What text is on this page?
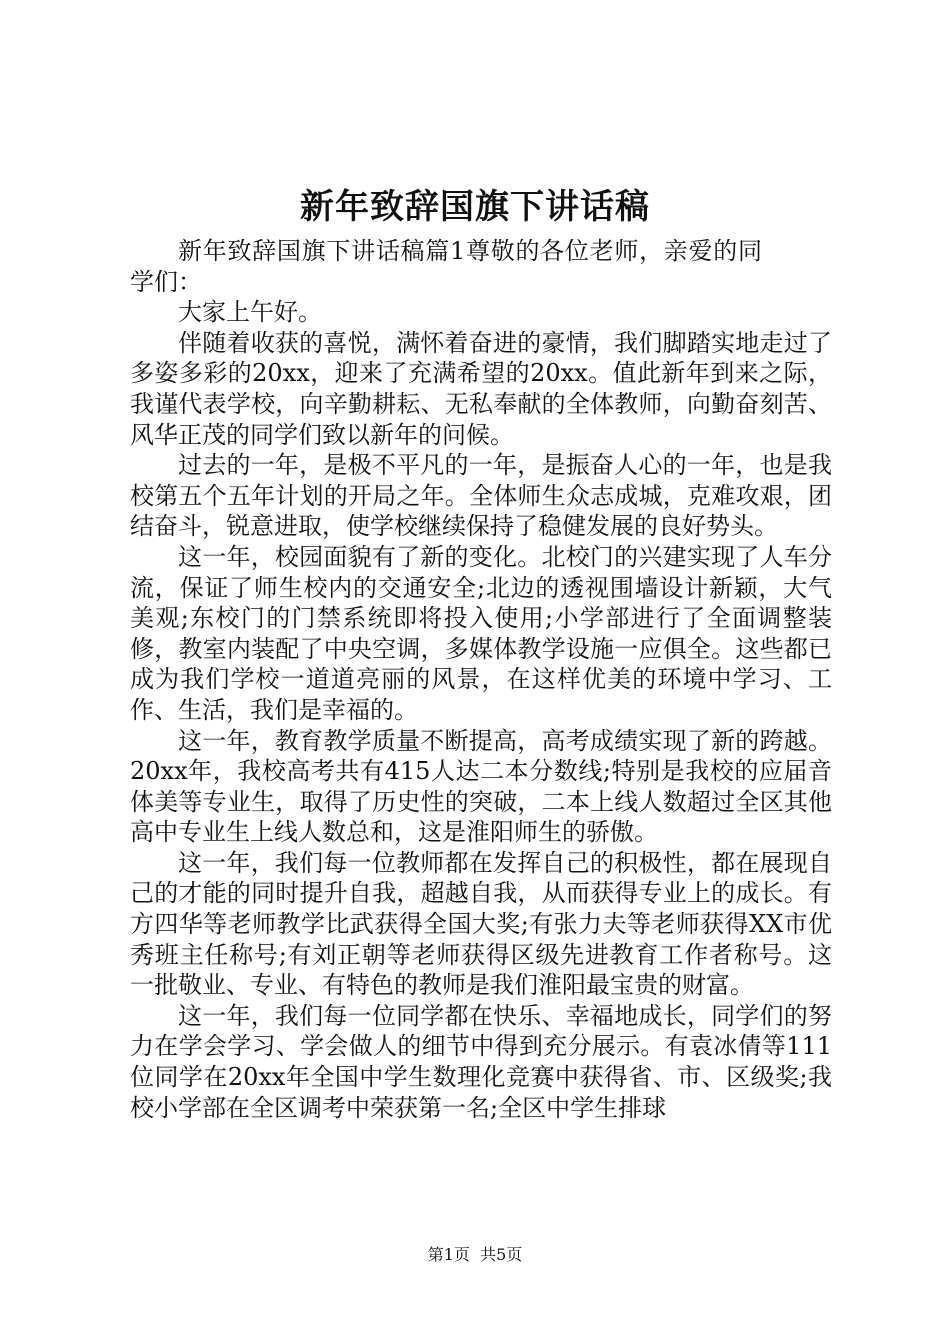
新年致辞国旗下讲话稿

新年致辞国旗下讲话稿篇1尊敬的各位老师，亲爱的同学们：

大家上午好。

伴随着收获的喜悦，满怀着奋进的豪情，我们脚踏实地走过了多姿多彩的20xx，迎来了充满希望的20xx。值此新年到来之际，我谨代表学校，向辛勤耕耘、无私奉献的全体教师，向勤奋刻苦、风华正茂的同学们致以新年的问候。

过去的一年，是极不平凡的一年，是振奋人心的一年，也是我校第五个五年计划的开局之年。全体师生众志成城，克难攻艰，团结奋斗，锐意进取，使学校继续保持了稳健发展的良好势头。

这一年，校园面貌有了新的变化。北校门的兴建实现了人车分流，保证了师生校内的交通安全;北边的透视围墙设计新颖，大气美观;东校门的门禁系统即将投入使用;小学部进行了全面调整装修，教室内装配了中央空调，多媒体教学设施一应俱全。这些都已成为我们学校一道道亮丽的风景，在这样优美的环境中学习、工作、生活，我们是幸福的。

这一年，教育教学质量不断提高，高考成绩实现了新的跨越。20xx年，我校高考共有415人达二本分数线;特别是我校的应届音体美等专业生，取得了历史性的突破，二本上线人数超过全区其他高中专业生上线人数总和，这是淮阳师生的骄傲。

这一年，我们每一位教师都在发挥自己的积极性，都在展现自己的才能的同时提升自我，超越自我，从而获得专业上的成长。有方四华等老师教学比武获得全国大奖;有张力夫等老师获得XX市优秀班主任称号;有刘正朝等老师获得区级先进教育工作者称号。这一批敬业、专业、有特色的教师是我们淮阳最宝贵的财富。

这一年，我们每一位同学都在快乐、幸福地成长，同学们的努力在学会学习、学会做人的细节中得到充分展示。有袁冰倩等111位同学在20xx年全国中学生数理化竞赛中获得省、市、区级奖;我校小学部在全区调考中荣获第一名;全区中学生排球

第1页  共5页
